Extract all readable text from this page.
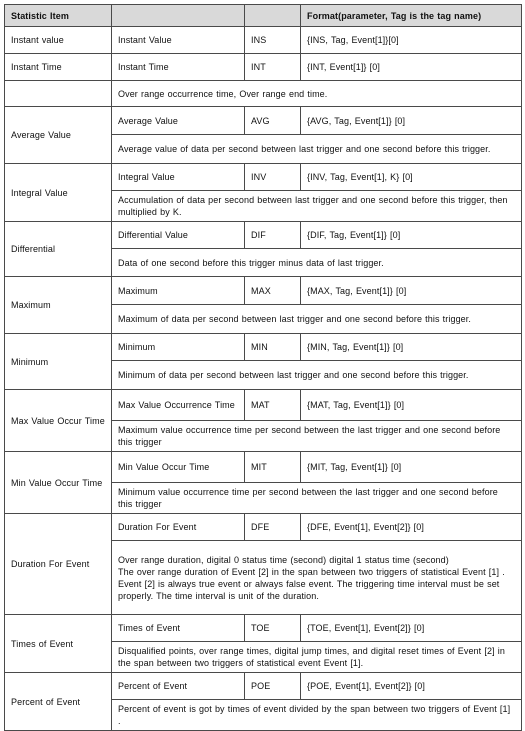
Statistic Item			Format(parameter, Tag is the tag name)
Instant value	Instant Value	INS	{INS, Tag, Event[1]}[0]
Instant Time	Instant Time	INT	{INT, Event[1]} [0]
	Over range occurrence time, Over range end time.		
Average Value	Average Value	AVG	{AVG, Tag, Event[1]} [0]
	Average value of data per second between last trigger and one second before this trigger.		
Integral Value	Integral Value	INV	{INV, Tag, Event[1], K} [0]
	Accumulation of data per second between last trigger and one second before this trigger, then multiplied by K.		
Differential	Differential Value	DIF	{DIF, Tag, Event[1]} [0]
	Data of one second before this trigger minus data of last trigger.		
Maximum	Maximum	MAX	{MAX, Tag, Event[1]} [0]
	Maximum of data per second between last trigger and one second before this trigger.		
Minimum	Minimum	MIN	{MIN, Tag, Event[1]} [0]
	Minimum of data per second between last trigger and one second before this trigger.		
Max Value Occur Time	Max Value Occurrence Time	MAT	{MAT, Tag, Event[1]} [0]
	Maximum value occurrence time per second between the last trigger and one second before this trigger		
Min Value Occur Time	Min Value Occur Time	MIT	{MIT, Tag, Event[1]} [0]
	Minimum value occurrence time per second between the last trigger and one second before this trigger		
Duration For Event	Duration For Event	DFE	{DFE, Event[1], Event[2]} [0]
	Over range duration, digital 0 status time (second) digital 1 status time (second)
The over range duration of Event [2] in the span between two triggers of statistical Event [1] . Event [2] is always true event or always false event. The triggering time interval must be set properly. The time interval is unit of the duration.		
Times of Event	Times of Event	TOE	{TOE, Event[1], Event[2]} [0]
	Disqualified points, over range times, digital jump times, and digital reset times of Event [2] in the span between two triggers of statistical event Event [1].		
Percent of Event	Percent of Event	POE	{POE, Event[1], Event[2]} [0]
	Percent of event is got by times of event divided by the span between two triggers of Event [1] .		
